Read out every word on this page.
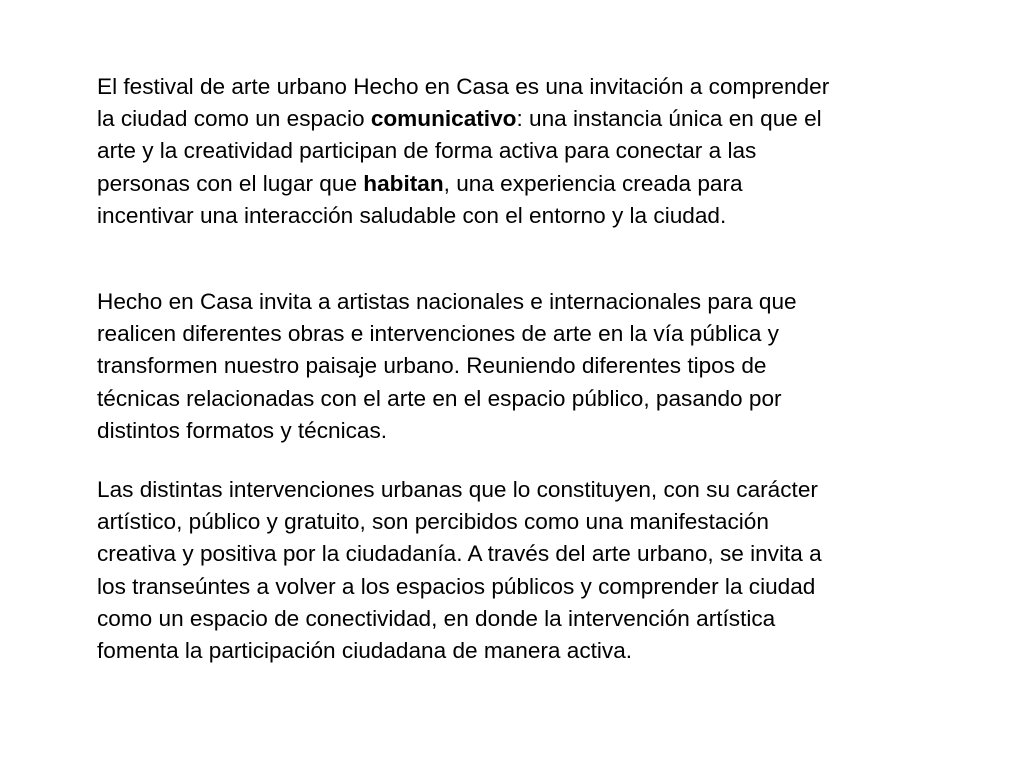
El festival de arte urbano Hecho en Casa es una invitación a comprender
la ciudad como un espacio comunicativo: una instancia única en que el
arte y la creatividad participan de forma activa para conectar a las
personas con el lugar que habitan, una experiencia creada para
incentivar una interacción saludable con el entorno y la ciudad.

Hecho en Casa invita a artistas nacionales e internacionales para que
realicen diferentes obras e intervenciones de arte en la vía pública y
transformen nuestro paisaje urbano. Reuniendo diferentes tipos de
técnicas relacionadas con el arte en el espacio público, pasando por
distintos formatos y técnicas.

Las distintas intervenciones urbanas que lo constituyen, con su carácter
artístico, público y gratuito, son percibidos como una manifestación
creativa y positiva por la ciudadanía. A través del arte urbano, se invita a
los transeúntes a volver a los espacios públicos y comprender la ciudad
como un espacio de conectividad, en donde la intervención artística
fomenta la participación ciudadana de manera activa.
